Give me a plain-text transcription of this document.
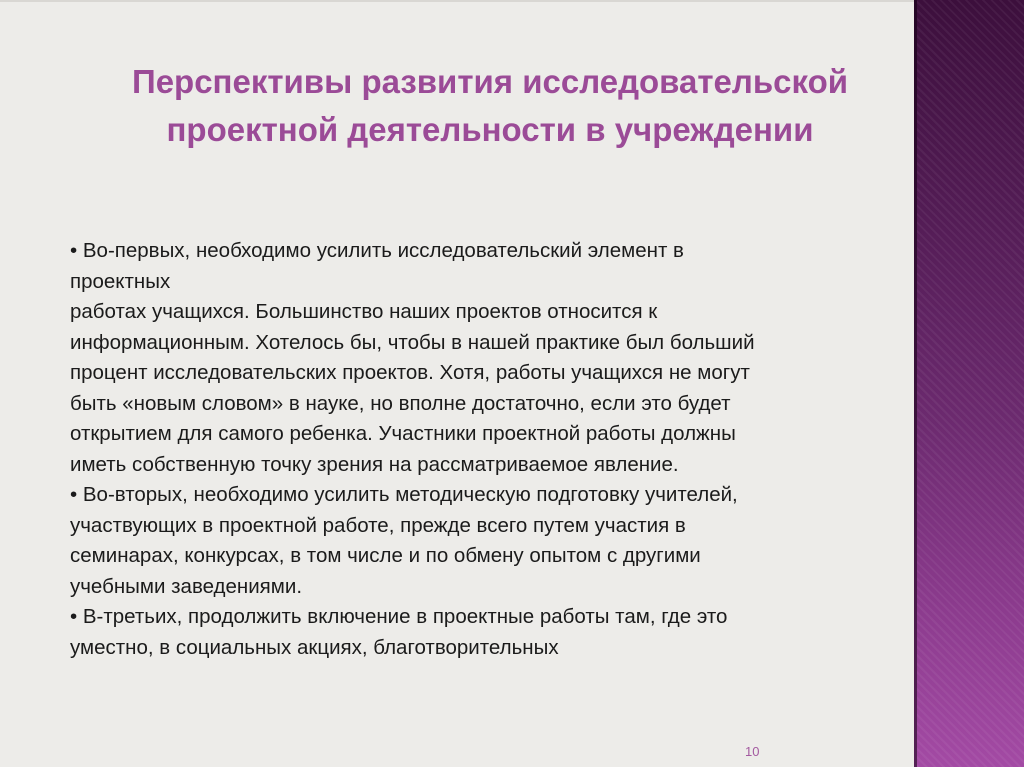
Перспективы развития исследовательской
проектной деятельности в учреждении
• Во-первых, необходимо усилить исследовательский элемент в
проектных
работах учащихся. Большинство наших проектов относится к
информационным. Хотелось бы, чтобы в нашей практике был больший
процент исследовательских проектов. Хотя, работы учащихся не могут
быть «новым словом» в науке, но вполне достаточно, если это будет
открытием для самого ребенка. Участники проектной работы должны
иметь собственную точку зрения на рассматриваемое явление.
• Во-вторых, необходимо усилить методическую подготовку учителей,
участвующих в проектной работе, прежде всего путем участия в
семинарах, конкурсах, в том числе и по обмену опытом с другими
учебными заведениями.
• В-третьих, продолжить включение в проектные работы там, где это
уместно, в социальных акциях, благотворительных
10
